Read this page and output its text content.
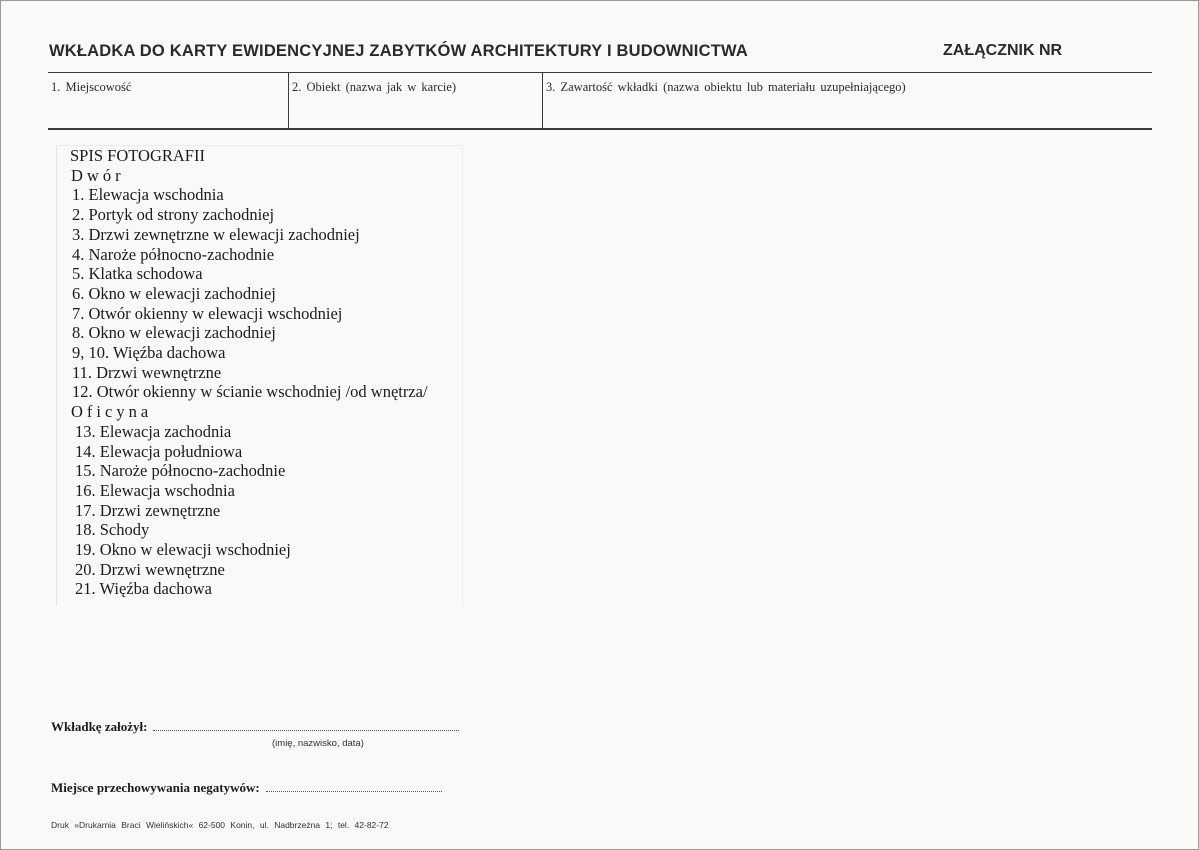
WKŁADKA DO KARTY EWIDENCYJNEJ ZABYTKÓW ARCHITEKTURY I BUDOWNICTWA	ZAŁĄCZNIK NR
1. Miejscowość	2. Obiekt (nazwa jak w karcie)	3. Zawartość wkładki (nazwa obiektu lub materiału uzupełniającego)
SPIS FOTOGRAFII
Dwór
1. Elewacja wschodnia
2. Portyk od strony zachodniej
3. Drzwi zewnętrzne w elewacji zachodniej
4. Naroże północno-zachodnie
5. Klatka schodowa
6. Okno w elewacji zachodniej
7. Otwór okienny w elewacji wschodniej
8. Okno w elewacji zachodniej
9, 10. Więźba dachowa
11. Drzwi wewnętrzne
12. Otwór okienny w ścianie wschodniej /od wnętrza/
Oficyna
13. Elewacja zachodnia
14. Elewacja południowa
15. Naroże północno-zachodnie
16. Elewacja wschodnia
17. Drzwi zewnętrzne
18. Schody
19. Okno w elewacji wschodniej
20. Drzwi wewnętrzne
21. Więźba dachowa
Wkładkę założył:
(imię, nazwisko, data)
Miejsce przechowywania negatywów:
Druk »Drukarnia Braci Wielińskich« 62-500 Konin, ul. Nadbrzeżna 1; tel. 42-82-72
